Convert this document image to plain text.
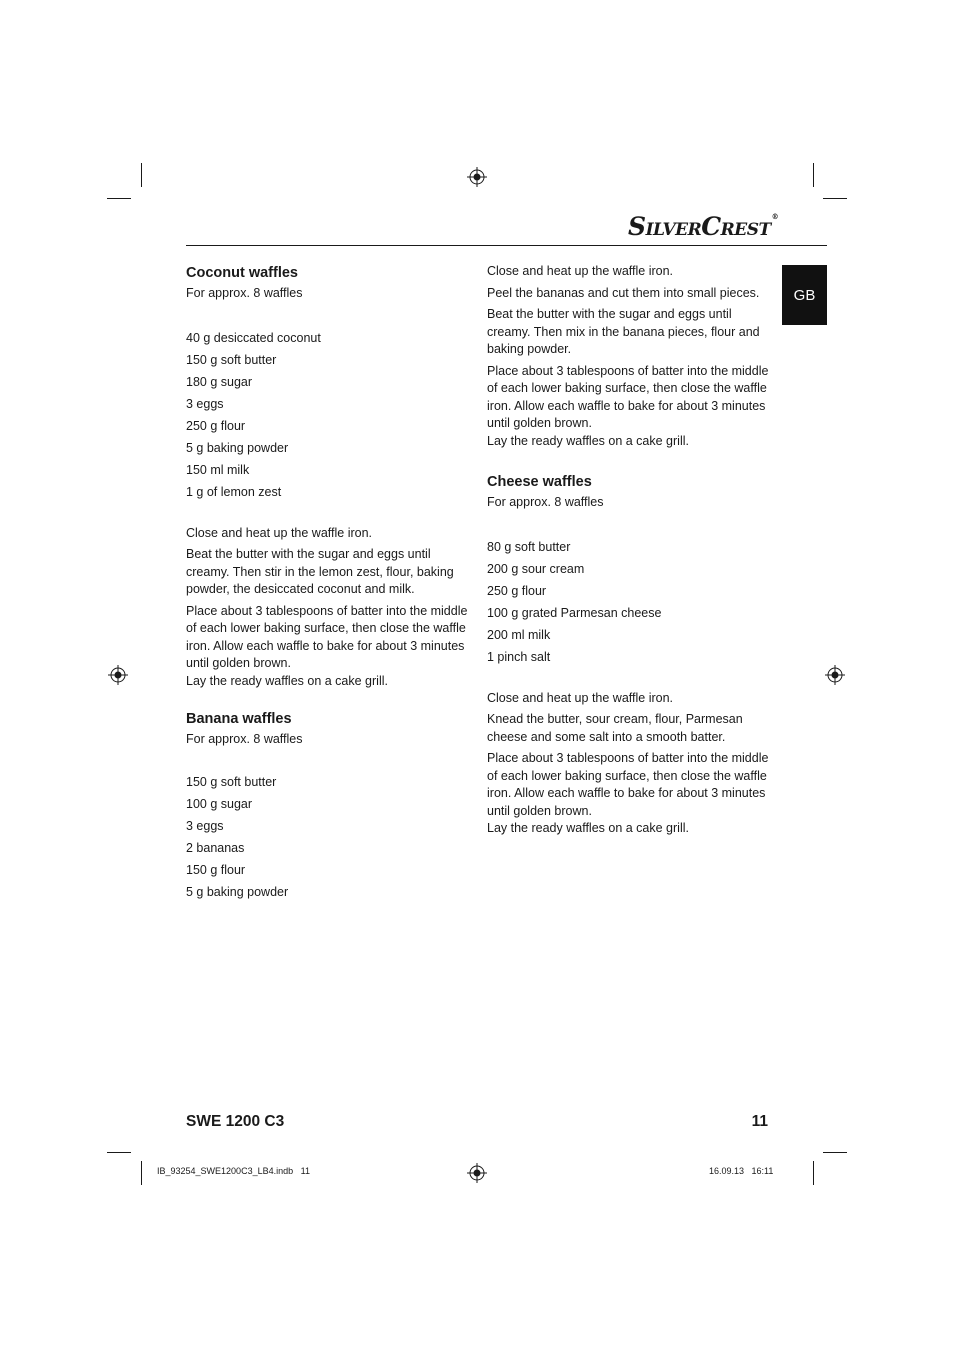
SILVERCREST®
GB
Coconut waffles

For approx. 8 waffles

40 g desiccated coconut
150 g soft butter
180 g sugar
3 eggs
250 g flour
5 g baking powder
150 ml milk
1 g of lemon zest

Close and heat up the waffle iron.

Beat the butter with the sugar and eggs until creamy. Then stir in the lemon zest, flour, baking powder, the desiccated coconut and milk.

Place about 3 tablespoons of batter into the middle of each lower baking surface, then close the waffle iron. Allow each waffle to bake for about 3 minutes until golden brown.

Lay the ready waffles on a cake grill.

Banana waffles

For approx. 8 waffles

150 g soft butter
100 g sugar
3 eggs
2 bananas
150 g flour
5 g baking powder

Close and heat up the waffle iron.

Peel the bananas and cut them into small pieces.

Beat the butter with the sugar and eggs until creamy. Then mix in the banana pieces, flour and baking powder.

Place about 3 tablespoons of batter into the middle of each lower baking surface, then close the waffle iron. Allow each waffle to bake for about 3 minutes until golden brown.

Lay the ready waffles on a cake grill.

Cheese waffles

For approx. 8 waffles

80 g soft butter
200 g sour cream
250 g flour
100 g grated Parmesan cheese
200 ml milk
1 pinch salt

Close and heat up the waffle iron.

Knead the butter, sour cream, flour, Parmesan cheese and some salt into a smooth batter.

Place about 3 tablespoons of batter into the middle of each lower baking surface, then close the waffle iron. Allow each waffle to bake for about 3 minutes until golden brown.

Lay the ready waffles on a cake grill.

SWE 1200 C3	11
IB_93254_SWE1200C3_LB4.indb   11	16.09.13   16:11
